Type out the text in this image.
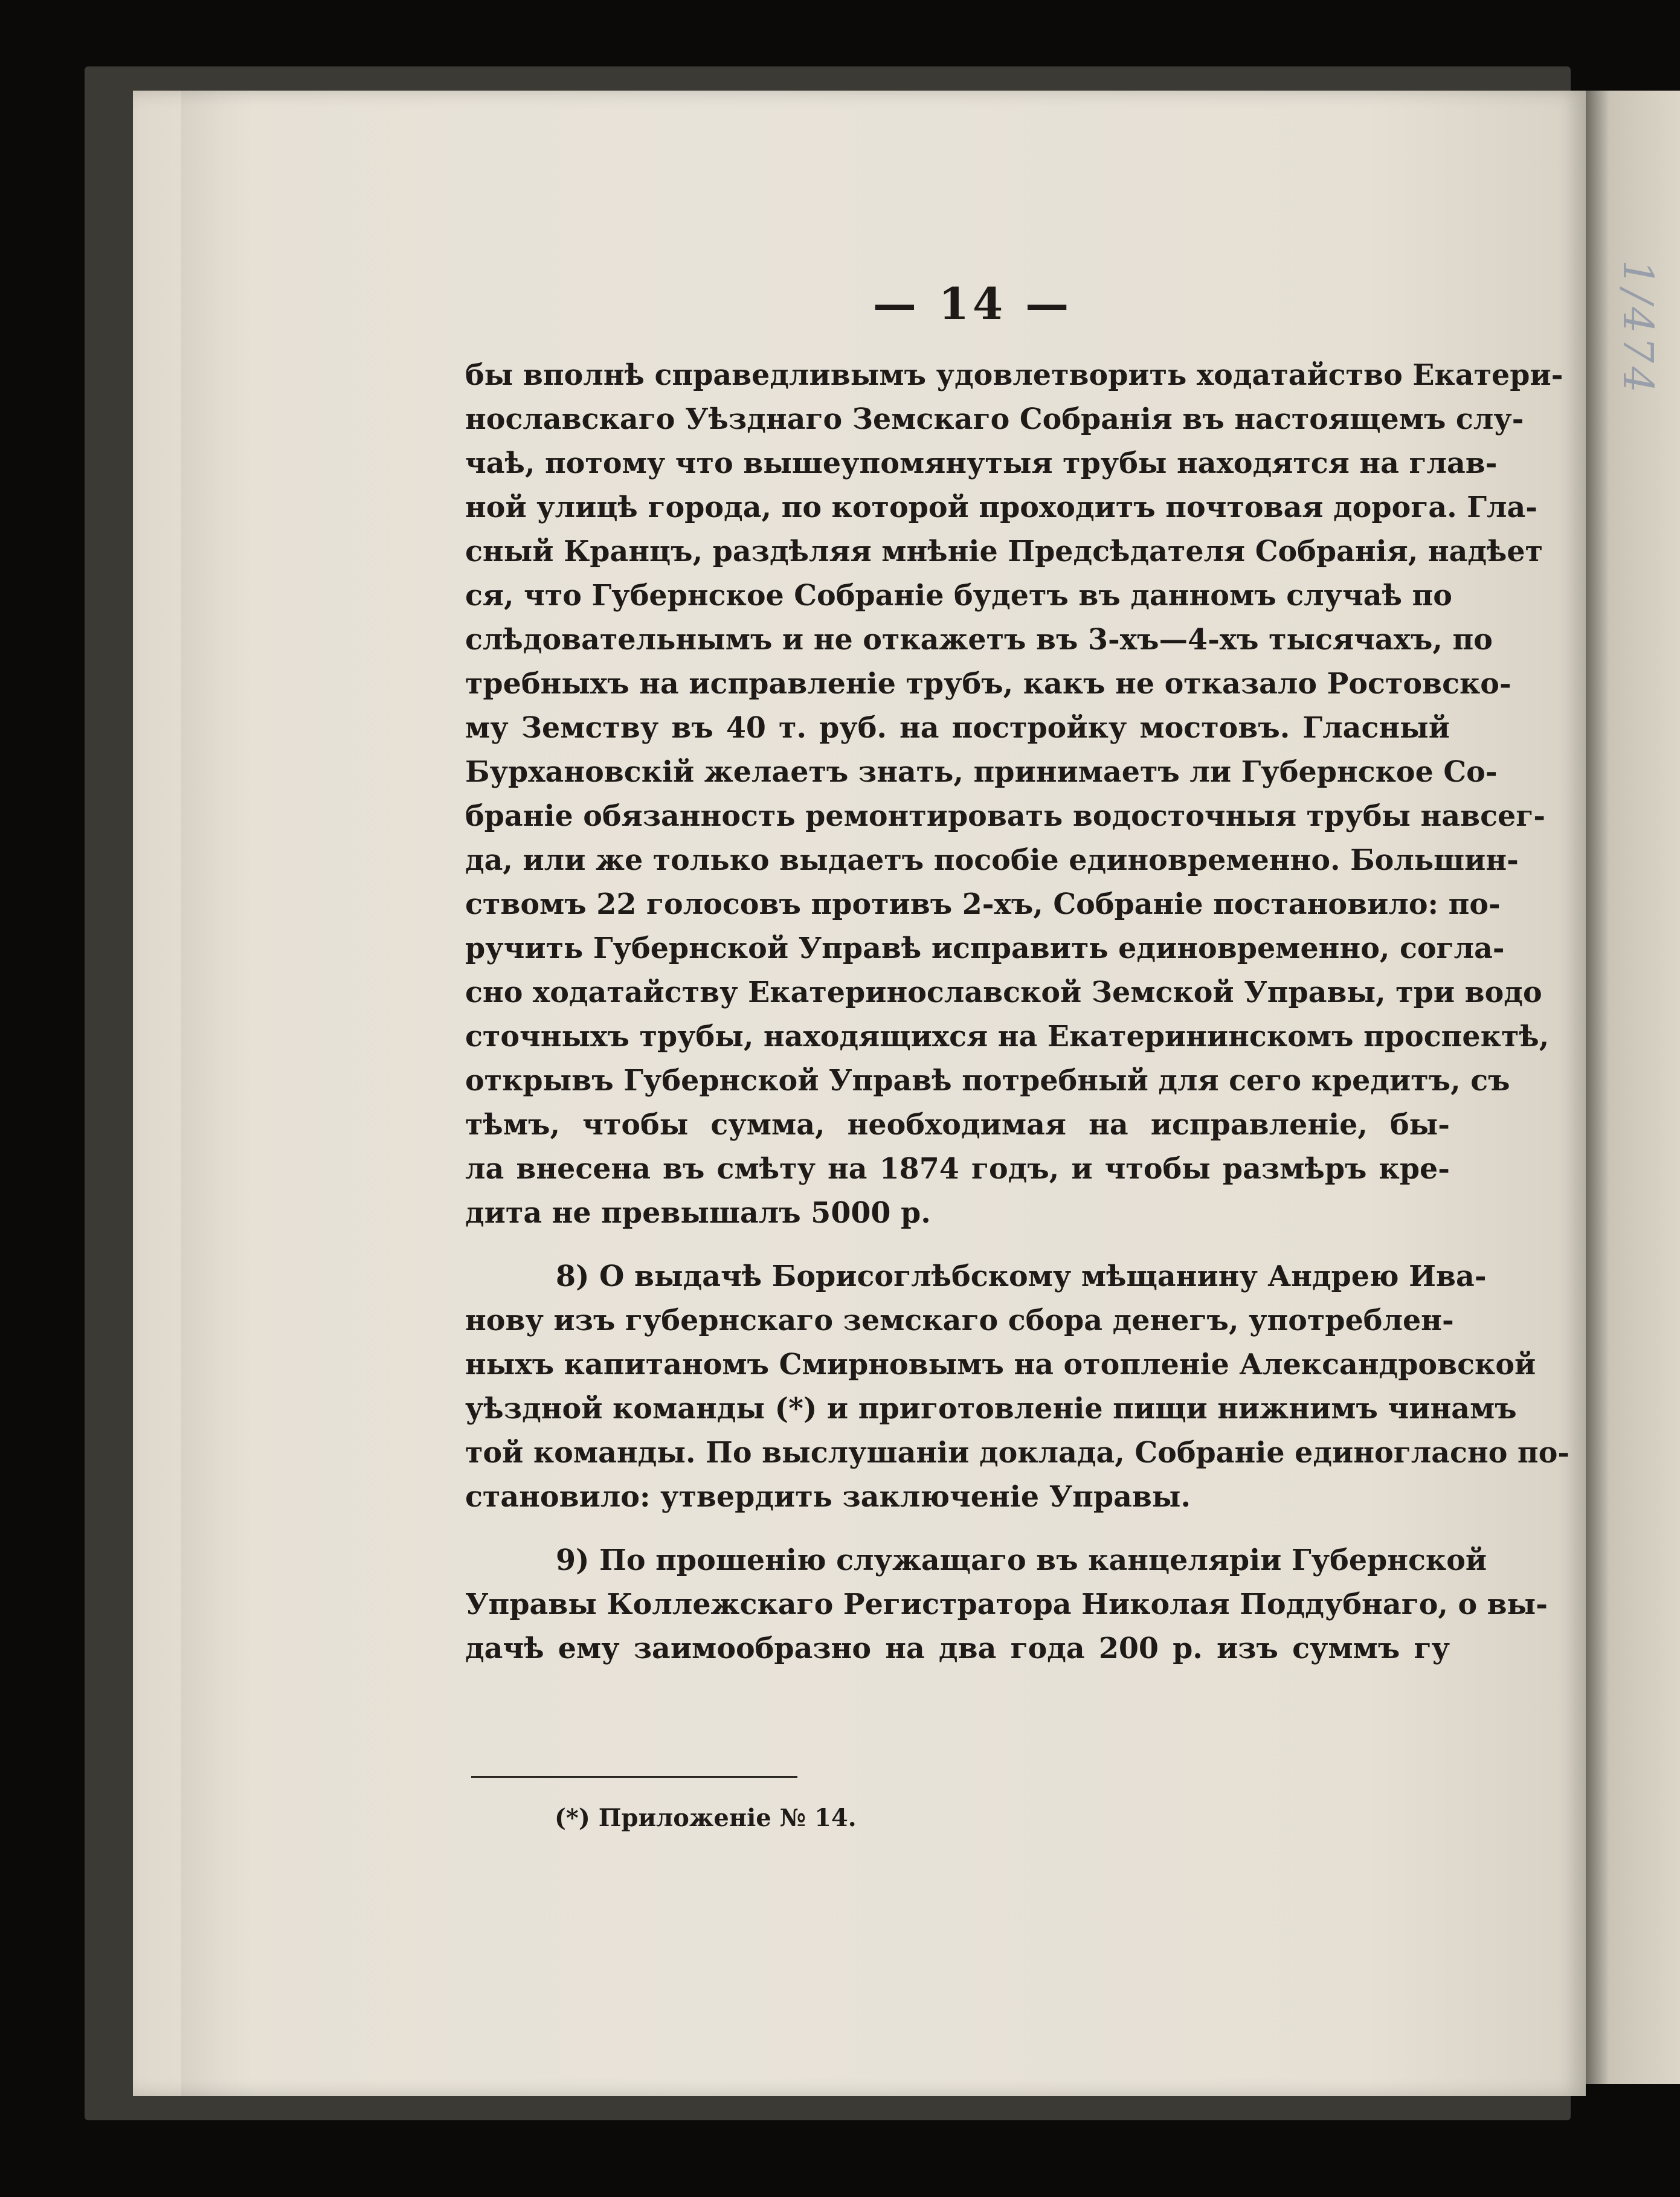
1/474
— 14 —
бы вполнѣ справедливымъ удовлетворить ходатайство Екатери-
нославскаго Уѣзднаго Земскаго Собранія въ настоящемъ слу-
чаѣ, потому что вышеупомянутыя трубы находятся на глав-
ной улицѣ города, по которой проходитъ почтовая дорога. Гла-
сный Кранцъ, раздѣляя мнѣніе Предсѣдателя Собранія, надѣет
ся, что Губернское Собраніе будетъ въ данномъ случаѣ по
слѣдовательнымъ и не откажетъ въ 3-хъ—4-хъ тысячахъ, по
требныхъ на исправленіе трубъ, какъ не отказало Ростовско-
му Земству въ 40 т. руб. на постройку мостовъ. Гласный
Бурхановскій желаетъ знать, принимаетъ ли Губернское Со-
браніе обязанность ремонтировать водосточныя трубы навсег-
да, или же только выдаетъ пособіе единовременно. Большин-
ствомъ 22 голосовъ противъ 2-хъ, Собраніе постановило: по-
ручить Губернской Управѣ исправить единовременно, согла-
сно ходатайству Екатеринославской Земской Управы, три водо
сточныхъ трубы, находящихся на Екатерининскомъ проспектѣ,
открывъ Губернской Управѣ потребный для сего кредитъ, съ
тѣмъ, чтобы сумма, необходимая на исправленіе, бы-
ла внесена въ смѣту на 1874 годъ, и чтобы размѣръ кре-
дита не превышалъ 5000 р.
8) О выдачѣ Борисоглѣбскому мѣщанину Андрею Ива-
нову изъ губернскаго земскаго сбора денегъ, употреблен-
ныхъ капитаномъ Смирновымъ на отопленіе Александровской
уѣздной команды (*) и приготовленіе пищи нижнимъ чинамъ
той команды. По выслушаніи доклада, Собраніе единогласно по-
становило: утвердить заключеніе Управы.
9) По прошенію служащаго въ канцеляріи Губернской
Управы Коллежскаго Регистратора Николая Поддубнаго, о вы-
дачѣ ему заимообразно на два года 200 р. изъ суммъ гу
(*) Приложеніе № 14.
